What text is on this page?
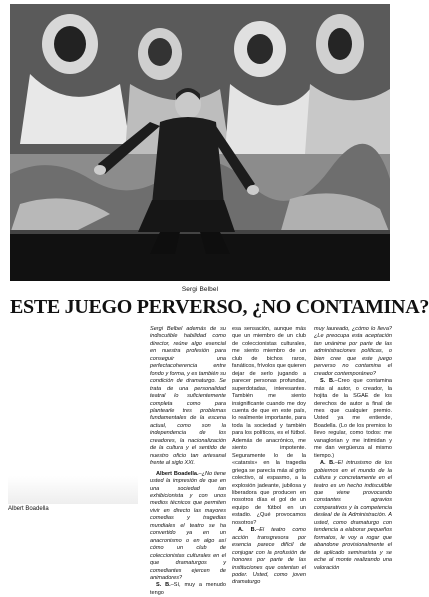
Sergi Belbel
ESTE JUEGO PERVERSO, ¿NO CONTAMINA?
Albert Boadella

Sergi Belbel además de su indiscutible habilidad como director, reúne algo esencial en nuestra profesión para conseguir una perfectacoherencia entre fondo y forma, y es también su condición de dramaturgo. Se trata de una personalidad teatral lo suficientemente completa como para plantearle tres problemas fundamentales de la escena actual, como son la independencia de los creadores, la nacionalización de la cultura y el sentido de nuestro oficio tan artesanal frente al siglo XXI.

Albert Boadella.–¿No tiene usted la impresión de que en una sociedad tan exhibicionista y con unos medios técnicos que permiten vivir en directo las mayores comedias y tragedias mundiales el teatro se ha convertido ya en un anacronismo o en algo así cómo un club de coleccionistas culturales en el que dramaturgos y comediantes ejercen de animadores?

S. B.–Sí, muy a menudo tengo

esa sensación, aunque más que un miembro de un club de coleccionistas culturales, me siento miembro de un club de bichos raros, fanáticos, frívolos que quieren dejar de serlo jugando a parecer personas profundas, superdotadas, interesantes. También me siento insignificante cuando me doy cuenta de que en este país, lo realmente importante, para toda la sociedad y también para los políticos, es el fútbol. Además de anacrónico, me siento impotente. Seguramente lo de la «catarsis» en la tragedia griega se parecía más al grito colectivo, al espasmo, a la explosión jadeante, jubilosa y liberadora que producen en nosotros días el gol de un equipo de fútbol en un estadio. ¿Qué provocamos nosotros?

A. B.–El teatro como acción transgresora por esencia parece difícil de conjugar con la profusión de honores por parte de las instituciones que ostentan el poder. Usted, como joven dramaturgo

muy laureado, ¿cómo lo lleva? ¿Le preocupa esta aceptación tan unánime por parte de las administraciones políticas, o bien cree que este juego perverso no contamina el creador contemporáneo?

S. B.–Creo que contamina más al autor, o creador, la hojita de la SGAE de los derechos de autor a final de mes que cualquier premio. Usted ya me entiende, Boadella. (Lo de los premios lo llevo regular, como todos: me vanaglorian y me intimidan y me dan vergüenza al mismo tiempo.)

A. B.–El intrusismo de los gobiernos en el mundo de la cultura y concretamente en el teatro es un hecho indiscutible que viene provocando constantes agravios comparativos y la competencia desleal de la Administración. A usted, como dramaturgo con tendencia a elaborar pequeños formatos, le voy a rogar que abandone provisionalmente el de aplicado seminarista y se eche al monte realizando una valoración
